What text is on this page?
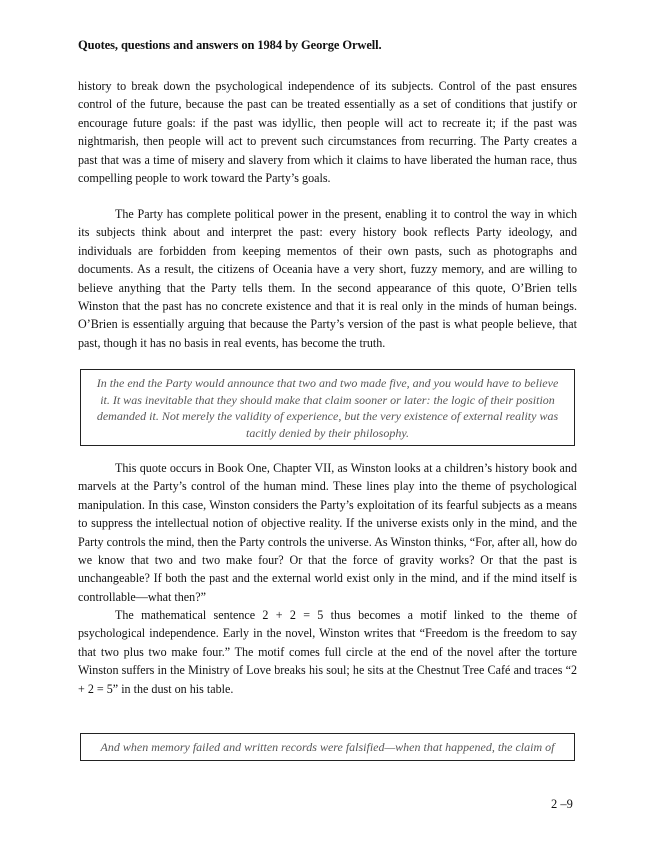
Quotes, questions and answers on 1984 by George Orwell.

history to break down the psychological independence of its subjects. Control of the past ensures control of the future, because the past can be treated essentially as a set of conditions that justify or encourage future goals: if the past was idyllic, then people will act to recreate it; if the past was nightmarish, then people will act to prevent such circumstances from recurring. The Party creates a past that was a time of misery and slavery from which it claims to have liberated the human race, thus compelling people to work toward the Party’s goals.

The Party has complete political power in the present, enabling it to control the way in which its subjects think about and interpret the past: every history book reflects Party ideology, and individuals are forbidden from keeping mementos of their own pasts, such as photographs and documents. As a result, the citizens of Oceania have a very short, fuzzy memory, and are willing to believe anything that the Party tells them. In the second appearance of this quote, O’Brien tells Winston that the past has no concrete existence and that it is real only in the minds of human beings. O’Brien is essentially arguing that because the Party’s version of the past is what people believe, that past, though it has no basis in real events, has become the truth.

In the end the Party would announce that two and two made five, and you would have to believe it. It was inevitable that they should make that claim sooner or later: the logic of their position demanded it. Not merely the validity of experience, but the very existence of external reality was tacitly denied by their philosophy.

This quote occurs in Book One, Chapter VII, as Winston looks at a children’s history book and marvels at the Party’s control of the human mind. These lines play into the theme of psychological manipulation. In this case, Winston considers the Party’s exploitation of its fearful subjects as a means to suppress the intellectual notion of objective reality. If the universe exists only in the mind, and the Party controls the mind, then the Party controls the universe. As Winston thinks, “For, after all, how do we know that two and two make four? Or that the force of gravity works? Or that the past is unchangeable? If both the past and the external world exist only in the mind, and if the mind itself is controllable—what then?”

The mathematical sentence 2 + 2 = 5 thus becomes a motif linked to the theme of psychological independence. Early in the novel, Winston writes that “Freedom is the freedom to say that two plus two make four.” The motif comes full circle at the end of the novel after the torture Winston suffers in the Ministry of Love breaks his soul; he sits at the Chestnut Tree Café and traces “2 + 2 = 5” in the dust on his table.

And when memory failed and written records were falsified—when that happened, the claim of

2 –9
